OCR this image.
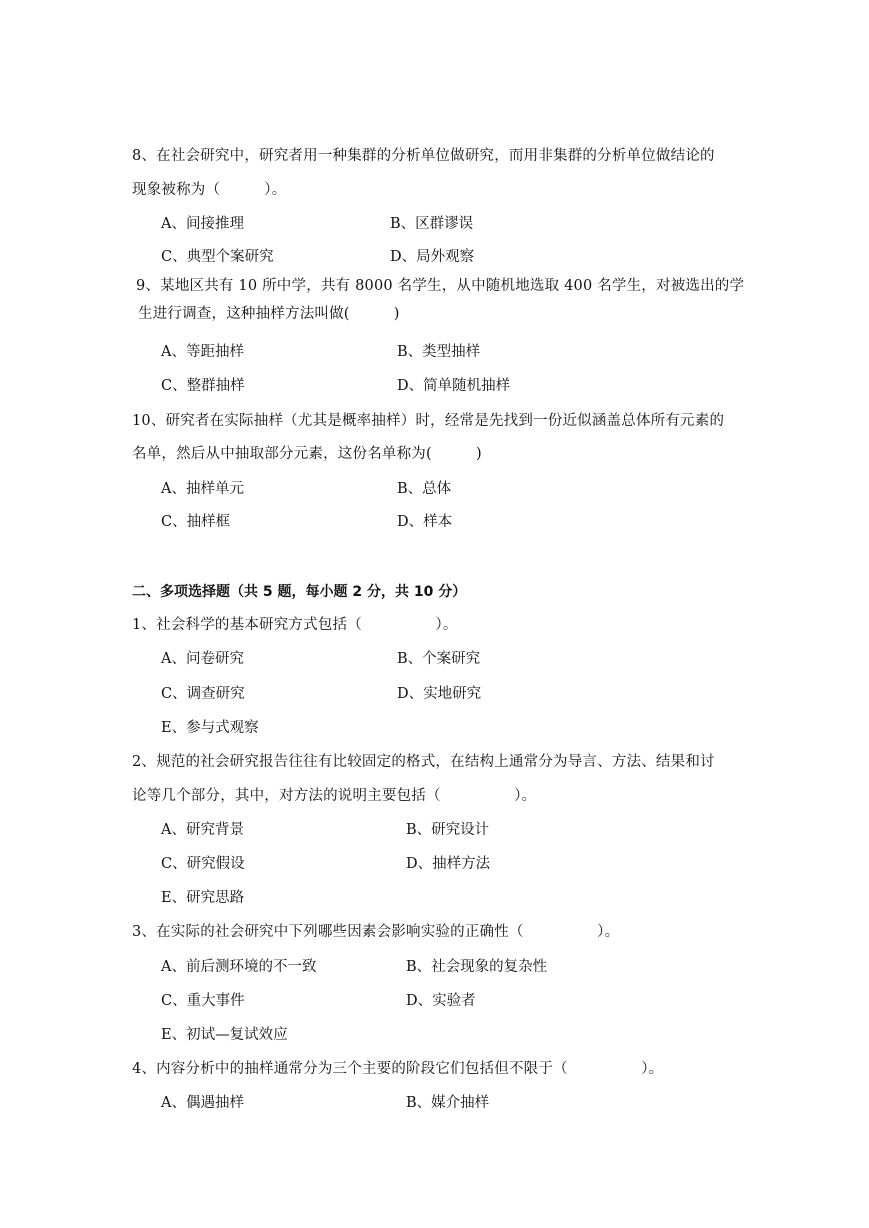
8、在社会研究中，研究者用一种集群的分析单位做研究，而用非集群的分析单位做结论的
现象被称为（　　　）。
A、间接推理	B、区群谬误
C、典型个案研究	D、局外观察
9、某地区共有 10 所中学，共有 8000 名学生，从中随机地选取 400 名学生，对被选出的学
生进行调查，这种抽样方法叫做(　　　)
A、等距抽样	B、类型抽样
C、整群抽样	D、简单随机抽样
10、研究者在实际抽样（尤其是概率抽样）时，经常是先找到一份近似涵盖总体所有元素的
名单，然后从中抽取部分元素，这份名单称为(　　　)
A、抽样单元	B、总体
C、抽样框	D、样本
二、多项选择题（共 5 题，每小题 2 分，共 10 分）
1、社会科学的基本研究方式包括（　　　　　）。
A、问卷研究	B、个案研究
C、调查研究	D、实地研究
E、参与式观察
2、规范的社会研究报告往往有比较固定的格式，在结构上通常分为导言、方法、结果和讨
论等几个部分，其中，对方法的说明主要包括（　　　　　）。
A、研究背景	B、研究设计
C、研究假设	D、抽样方法
E、研究思路
3、在实际的社会研究中下列哪些因素会影响实验的正确性（　　　　　）。
A、前后测环境的不一致	B、社会现象的复杂性
C、重大事件	D、实验者
E、初试—复试效应
4、内容分析中的抽样通常分为三个主要的阶段它们包括但不限于（　　　　　）。
A、偶遇抽样	B、媒介抽样
